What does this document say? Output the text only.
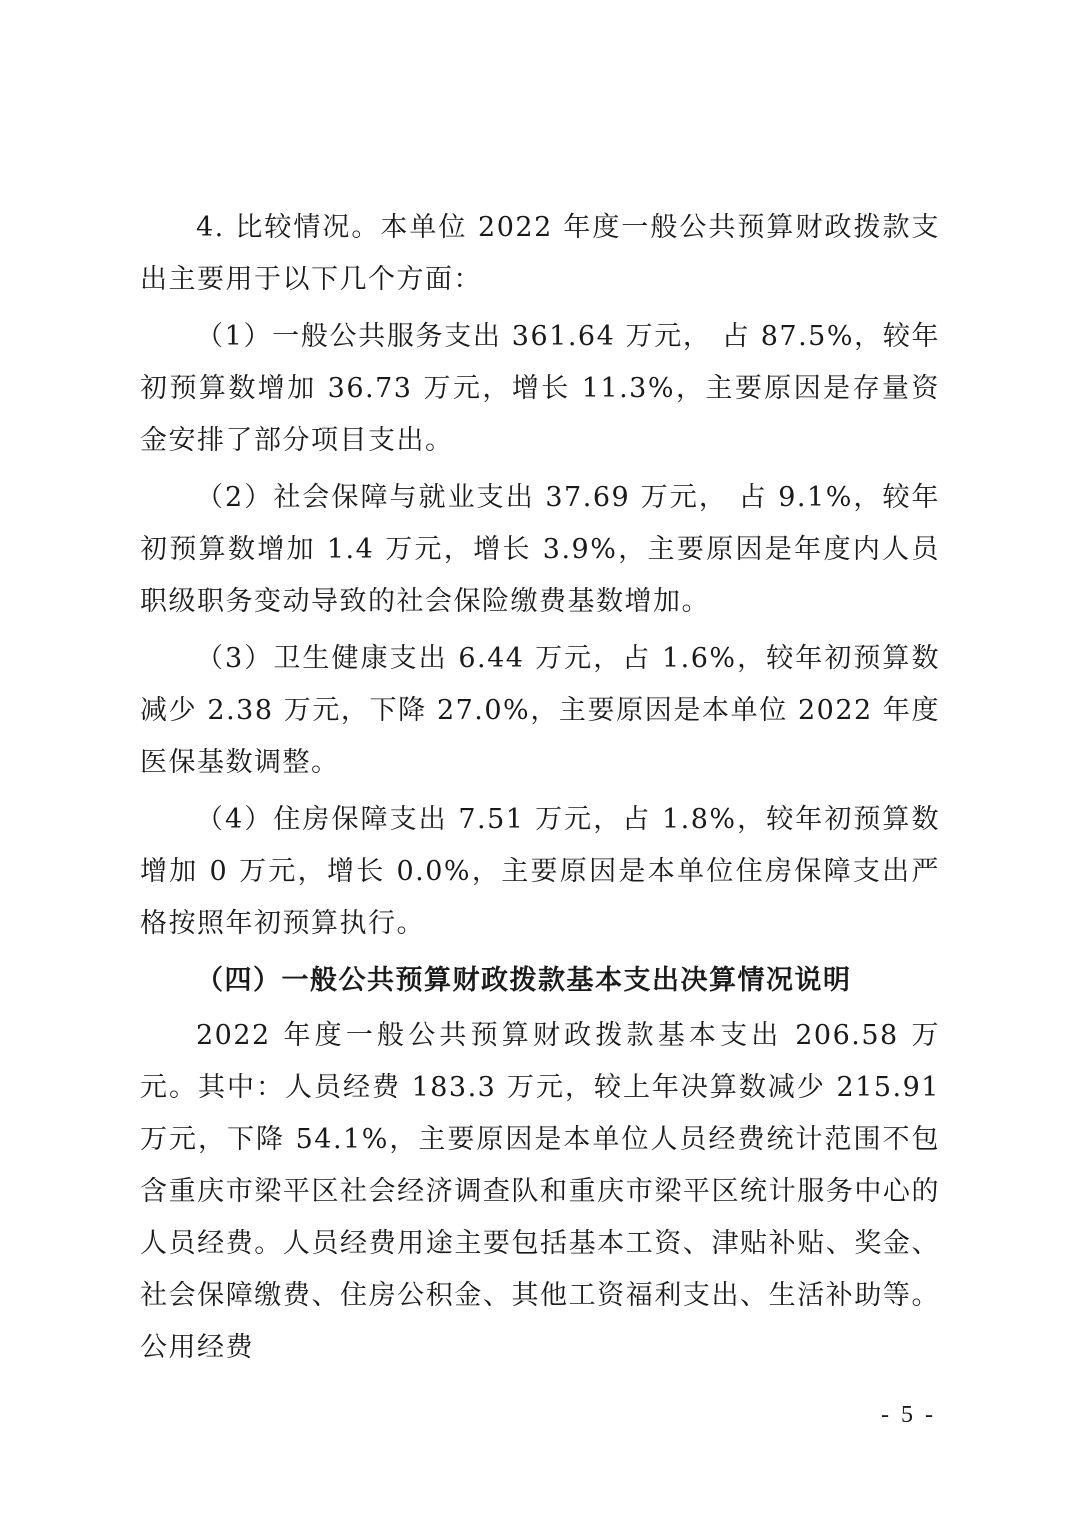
4. 比较情况。本单位 2022 年度一般公共预算财政拨款支出主要用于以下几个方面：

（1）一般公共服务支出 361.64 万元， 占 87.5%，较年初预算数增加 36.73 万元，增长 11.3%，主要原因是存量资金安排了部分项目支出。

（2）社会保障与就业支出 37.69 万元， 占 9.1%，较年初预算数增加 1.4 万元，增长 3.9%，主要原因是年度内人员职级职务变动导致的社会保险缴费基数增加。

（3）卫生健康支出 6.44 万元，占 1.6%，较年初预算数减少 2.38 万元，下降 27.0%，主要原因是本单位 2022 年度医保基数调整。

（4）住房保障支出 7.51 万元，占 1.8%，较年初预算数增加 0 万元，增长 0.0%，主要原因是本单位住房保障支出严格按照年初预算执行。

（四）一般公共预算财政拨款基本支出决算情况说明

2022 年度一般公共预算财政拨款基本支出 206.58 万元。其中：人员经费 183.3 万元，较上年决算数减少 215.91 万元，下降 54.1%，主要原因是本单位人员经费统计范围不包含重庆市梁平区社会经济调查队和重庆市梁平区统计服务中心的人员经费。人员经费用途主要包括基本工资、津贴补贴、奖金、社会保障缴费、住房公积金、其他工资福利支出、生活补助等。公用经费

- 5 -
